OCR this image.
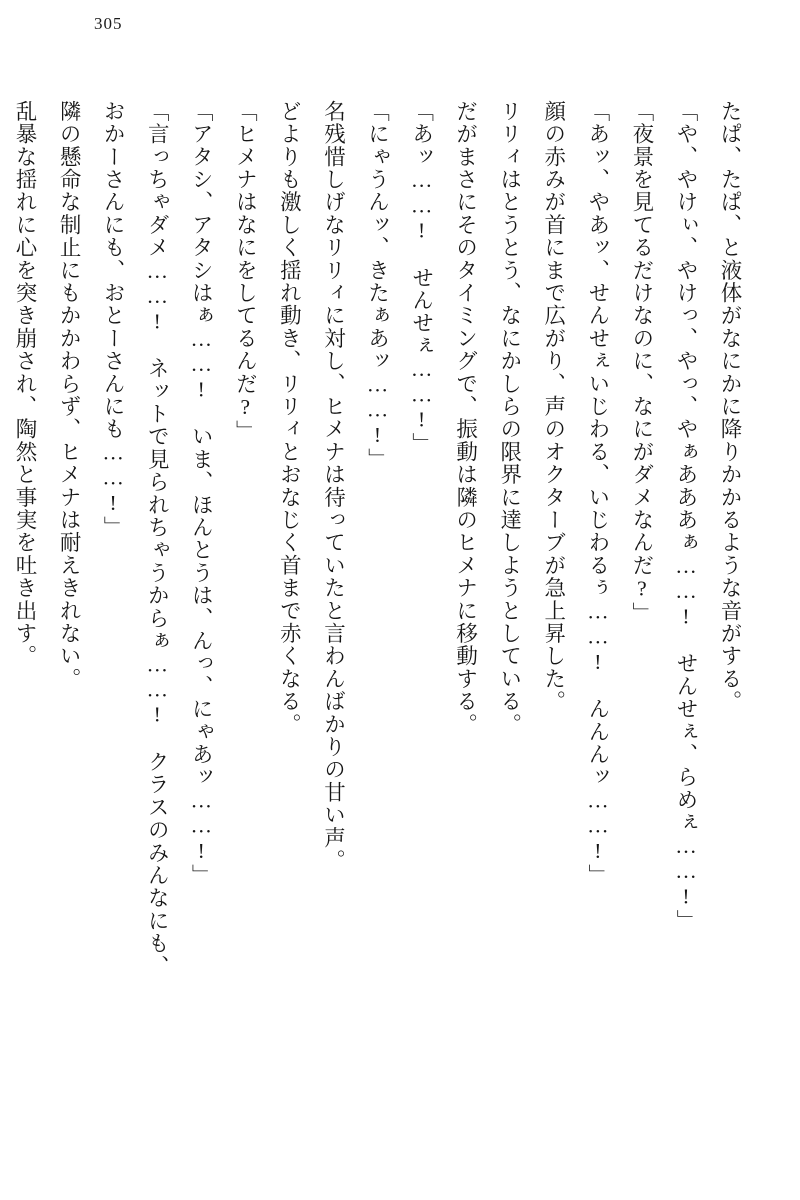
305

たぱ、たぱ、と液体がなにかに降りかかるような音がする。

「や、やけぃ、やけっ、やっ、やぁあああぁ……!　せんせぇ、らめぇ……!」

「夜景を見てるだけなのに、なにがダメなんだ?」

「あッ、やあッ、せんせぇいじわる、いじわるぅ……!　んんんッ……!」

顔の赤みが首にまで広がり、声のオクターブが急上昇した。

リリィはとうとう、なにかしらの限界に達しようとしている。

だがまさにそのタイミングで、振動は隣のヒメナに移動する。

「あッ……!　せんせぇ……!」

「にゃうんッ、きたぁあッ……!」

名残惜しげなリリィに対し、ヒメナは待っていたと言わんばかりの甘い声。

どよりも激しく揺れ動き、リリィとおなじく首まで赤くなる。

「ヒメナはなにをしてるんだ?」

「アタシ、アタシはぁ……!　いま、ほんとうは、んっ、にゃあッ……!」

「言っちゃダメ……!　ネットで見られちゃうからぁ……!　クラスのみんなにも、

おかーさんにも、おとーさんにも……!」

隣の懸命な制止にもかかわらず、ヒメナは耐えきれない。

乱暴な揺れに心を突き崩され、陶然と事実を吐き出す。
